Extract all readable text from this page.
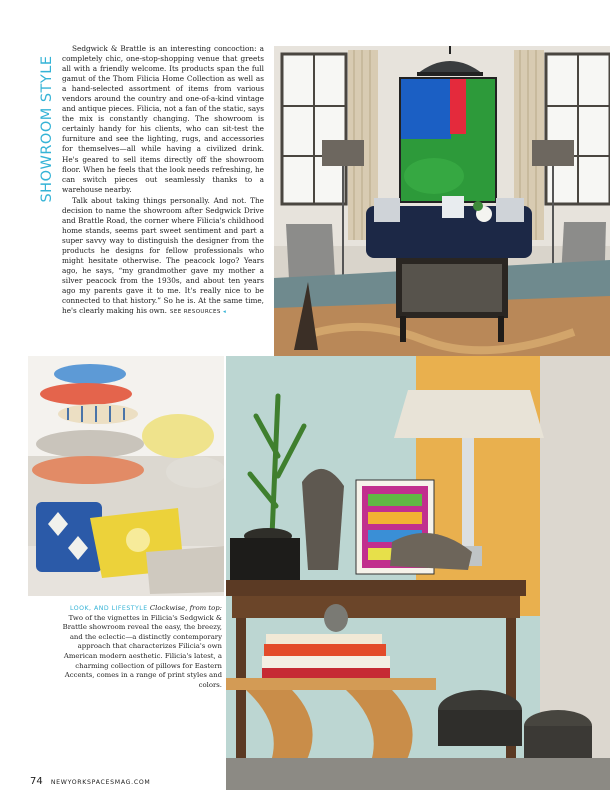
SHOWROOM STYLE

Sedgwick & Brattle is an interesting concoction: a completely chic, one-stop-shopping venue that greets all with a friendly welcome. Its products span the full gamut of the Thom Filicia Home Collection as well as a hand-selected assortment of items from various vendors around the country and one-of-a-kind vintage and antique pieces. Filicia, not a fan of the static, says the mix is constantly changing. The showroom is certainly handy for his clients, who can sit-test the furniture and see the lighting, rugs, and accessories for themselves—all while having a civilized drink. He's geared to sell items directly off the showroom floor. When he feels that the look needs refreshing, he can switch pieces out seamlessly thanks to a warehouse nearby.

Talk about taking things personally. And not. The decision to name the showroom after Sedgwick Drive and Brattle Road, the corner where Filicia's childhood home stands, seems part sweet sentiment and part a super savvy way to distinguish the designer from the products he designs for fellow professionals who might hesitate otherwise. The peacock logo? Years ago, he says, “my grandmother gave my mother a silver peacock from the 1930s, and about ten years ago my parents gave it to me. It's really nice to be connected to that history.” So he is. At the same time, he's clearly making his own. SEE RESOURCES ◂

LOOK, AND LIFESTYLE Clockwise, from top: Two of the vignettes in Filicia's Sedgwick & Brattle showroom reveal the easy, the breezy, and the eclectic—a distinctly contemporary approach that characterizes Filicia's own American modern aesthetic. Filicia's latest, a charming collection of pillows for Eastern Accents, comes in a range of print styles and colors.
74 NEWYORKSPACESMAG.COM
